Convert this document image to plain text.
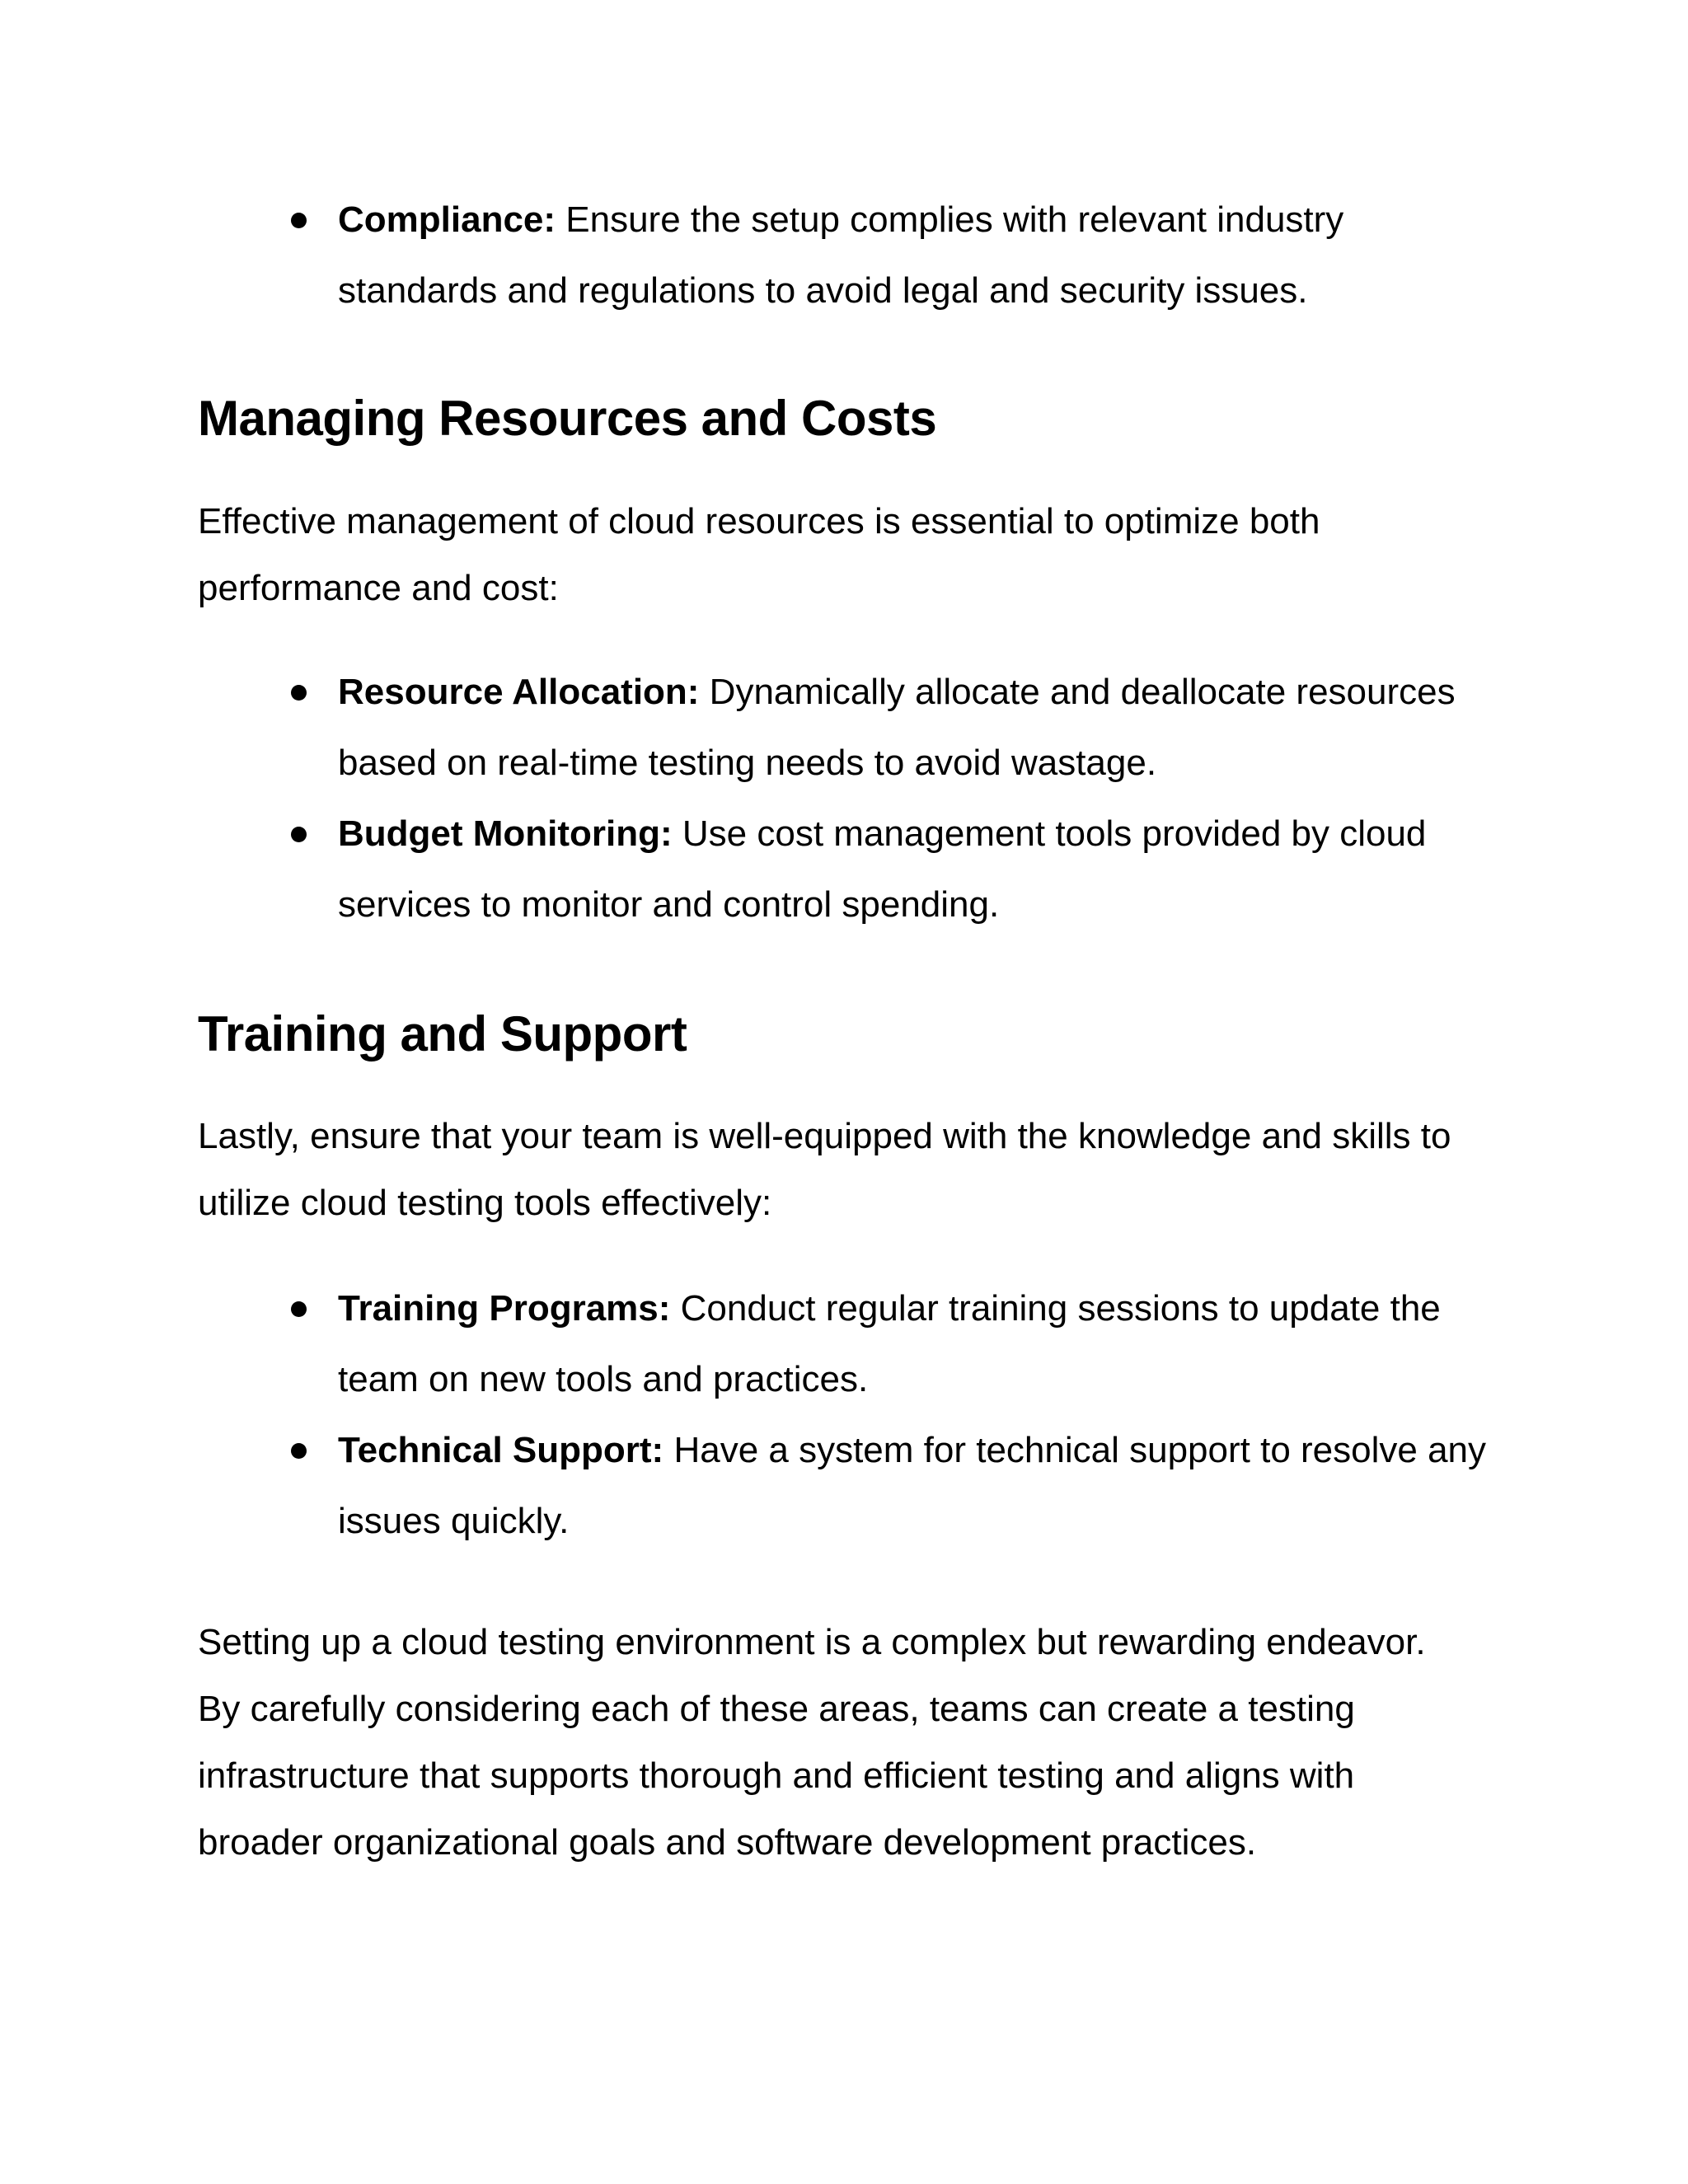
Compliance: Ensure the setup complies with relevant industry standards and regulations to avoid legal and security issues.
Managing Resources and Costs

Effective management of cloud resources is essential to optimize both performance and cost:

Resource Allocation: Dynamically allocate and deallocate resources based on real-time testing needs to avoid wastage.
Budget Monitoring: Use cost management tools provided by cloud services to monitor and control spending.
Training and Support

Lastly, ensure that your team is well-equipped with the knowledge and skills to utilize cloud testing tools effectively:

Training Programs: Conduct regular training sessions to update the team on new tools and practices.
Technical Support: Have a system for technical support to resolve any issues quickly.

Setting up a cloud testing environment is a complex but rewarding endeavor. By carefully considering each of these areas, teams can create a testing infrastructure that supports thorough and efficient testing and aligns with broader organizational goals and software development practices.
